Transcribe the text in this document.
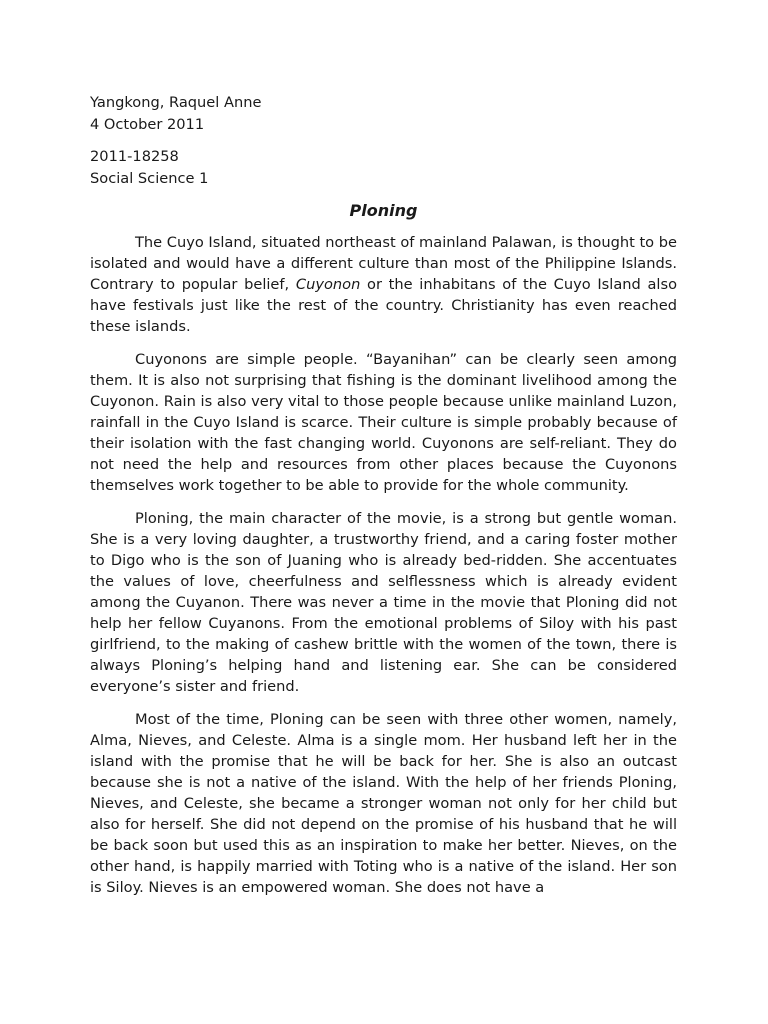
Yangkong, Raquel Anne

4 October 2011

2011-18258

Social Science 1

Ploning

The Cuyo Island, situated northeast of mainland Palawan, is thought to be isolated and would have a different culture than most of the Philippine Islands. Contrary to popular belief, Cuyonon or the inhabitans of the Cuyo Island also have festivals just like the rest of the country. Christianity has even reached these islands.

Cuyonons are simple people. “Bayanihan” can be clearly seen among them. It is also not surprising that fishing is the dominant livelihood among the Cuyonon. Rain is also very vital to those people because unlike mainland Luzon, rainfall in the Cuyo Island is scarce. Their culture is simple probably because of their isolation with the fast changing world. Cuyonons are self-reliant. They do not need the help and resources from other places because the Cuyonons themselves work together to be able to provide for the whole community.

Ploning, the main character of the movie, is a strong but gentle woman. She is a very loving daughter, a trustworthy friend, and a caring foster mother to Digo who is the son of Juaning who is already bed-ridden. She accentuates the values of love, cheerfulness and selflessness which is already evident among the Cuyanon. There was never a time in the movie that Ploning did not help her fellow Cuyanons. From the emotional problems of Siloy with his past girlfriend, to the making of cashew brittle with the women of the town, there is always Ploning’s helping hand and listening ear. She can be considered everyone’s sister and friend.

Most of the time, Ploning can be seen with three other women, namely, Alma, Nieves, and Celeste. Alma is a single mom. Her husband left her in the island with the promise that he will be back for her. She is also an outcast because she is not a native of the island. With the help of her friends Ploning, Nieves, and Celeste, she became a stronger woman not only for her child but also for herself. She did not depend on the promise of his husband that he will be back soon but used this as an inspiration to make her better. Nieves, on the other hand, is happily married with Toting who is a native of the island. Her son is Siloy. Nieves is an empowered woman. She does not have a
